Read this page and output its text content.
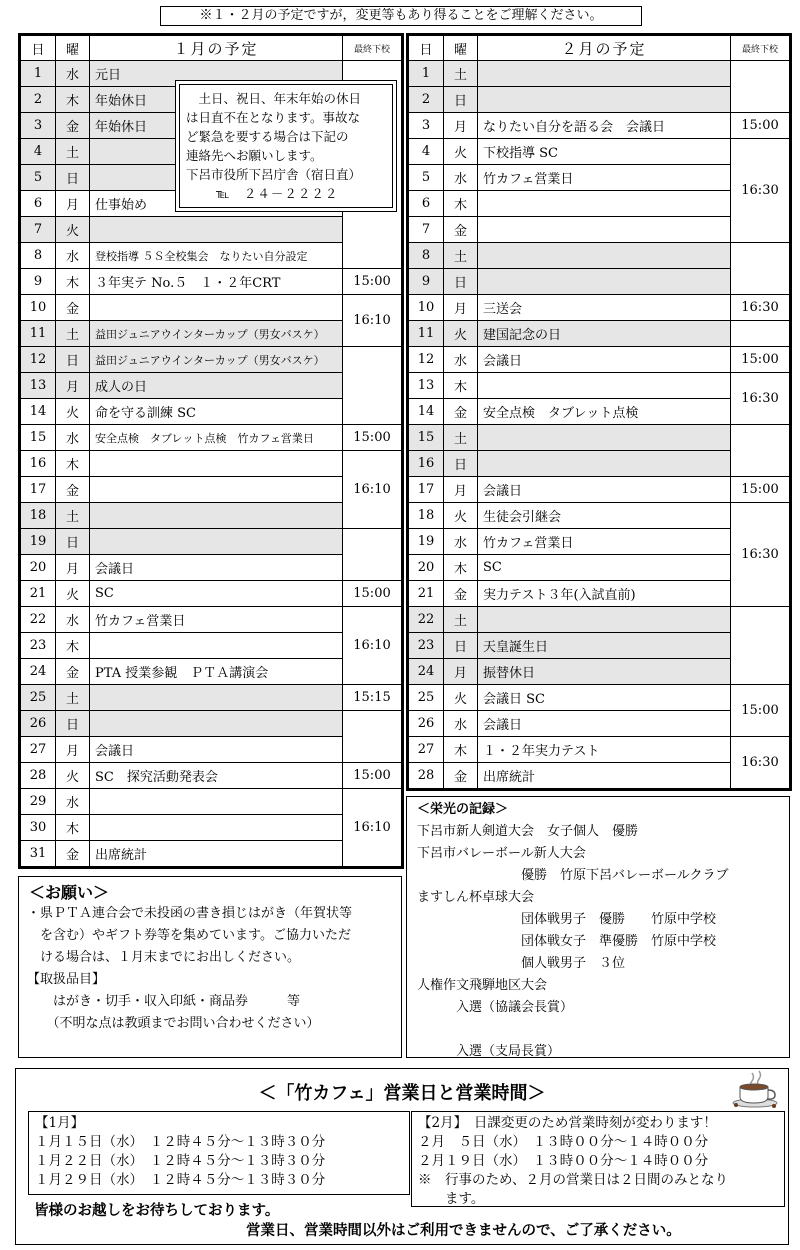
※１・２月の予定ですが，変更等もあり得ることをご理解ください。
日	曜	１月の予定	最終下校
1	水	元日	
2	木	年始休日	
3	金	年始休日	
4	土		
5	日		
6	月	仕事始め	
7	火		
8	水	登校指導 ５Ｓ全校集会　なりたい自分設定	
9	木	３年実テ No.５　１・２年CRT	15:00
10	金		16:10
11	土	益田ジュニアウインターカップ（男女バスケ）	
12	日	益田ジュニアウインターカップ（男女バスケ）	
13	月	成人の日	
14	火	命を守る訓練 SC	
15	水	安全点検　タブレット点検　竹カフェ営業日	15:00
16	木		16:10
17	金		
18	土		
19	日		
20	月	会議日	
21	火	SC	15:00
22	水	竹カフェ営業日	16:10
23	木		
24	金	PTA 授業参観　ＰＴＡ講演会	
25	土		15:15
26	日		
27	月	会議日	
28	火	SC　探究活動発表会	15:00
29	水		16:10
30	木		
31	金	出席統計	
日	曜	２月の予定	最終下校
1	土		
2	日		
3	月	なりたい自分を語る会　会議日	15:00
4	火	下校指導 SC	16:30
5	水	竹カフェ営業日	
6	木		
7	金		
8	土		
9	日		
10	月	三送会	16:30
11	火	建国記念の日	
12	水	会議日	15:00
13	木		16:30
14	金	安全点検　タブレット点検	
15	土		
16	日		
17	月	会議日	15:00
18	火	生徒会引継会	16:30
19	水	竹カフェ営業日	
20	木	SC	
21	金	実力テスト３年(入試直前)	
22	土		
23	日	天皇誕生日	
24	月	振替休日	
25	火	会議日 SC	15:00
26	水	会議日	
27	木	１・２年実力テスト	16:30
28	金	出席統計	
　土日、祝日、年末年始の休日
は日直不在となります。事故な
ど緊急を要する場合は下記の
連絡先へお願いします。
下呂市役所下呂庁舎（宿日直）
℡　２４－２２２２
＜お願い＞
・県ＰＴＡ連合会で未投函の書き損じはがき（年賀状等
　を含む）やギフト券等を集めています。ご協力いただ
　ける場合は、１月末までにお出しください。
【取扱品目】
　　はがき・切手・収入印紙・商品券　　　等
　　（不明な点は教頭までお問い合わせください）
＜栄光の記録＞
下呂市新人剣道大会　女子個人　優勝
下呂市バレーボール新人大会
　　　　　　　　優勝　竹原下呂バレーボールクラブ
ますしん杯卓球大会
　　　　　　　　団体戦男子　優勝　　竹原中学校
　　　　　　　　団体戦女子　準優勝　竹原中学校
　　　　　　　　個人戦男子　３位
人権作文飛騨地区大会
　　　入選（協議会長賞）

　　　入選（支局長賞）
＜「竹カフェ」営業日と営業時間＞
【1月】
１月１５日（水）　１２時４５分～１３時３０分
１月２２日（水）　１２時４５分～１３時３０分
１月２９日（水）　１２時４５分～１３時３０分
【2月】　日課変更のため営業時刻が変わります！
２月　５日（水）　１３時００分～１４時００分
２月１９日（水）　１３時００分～１４時００分
※　行事のため、２月の営業日は２日間のみとなり
　　ます。
皆様のお越しをお待ちしております。
営業日、営業時間以外はご利用できませんので、ご了承ください。
